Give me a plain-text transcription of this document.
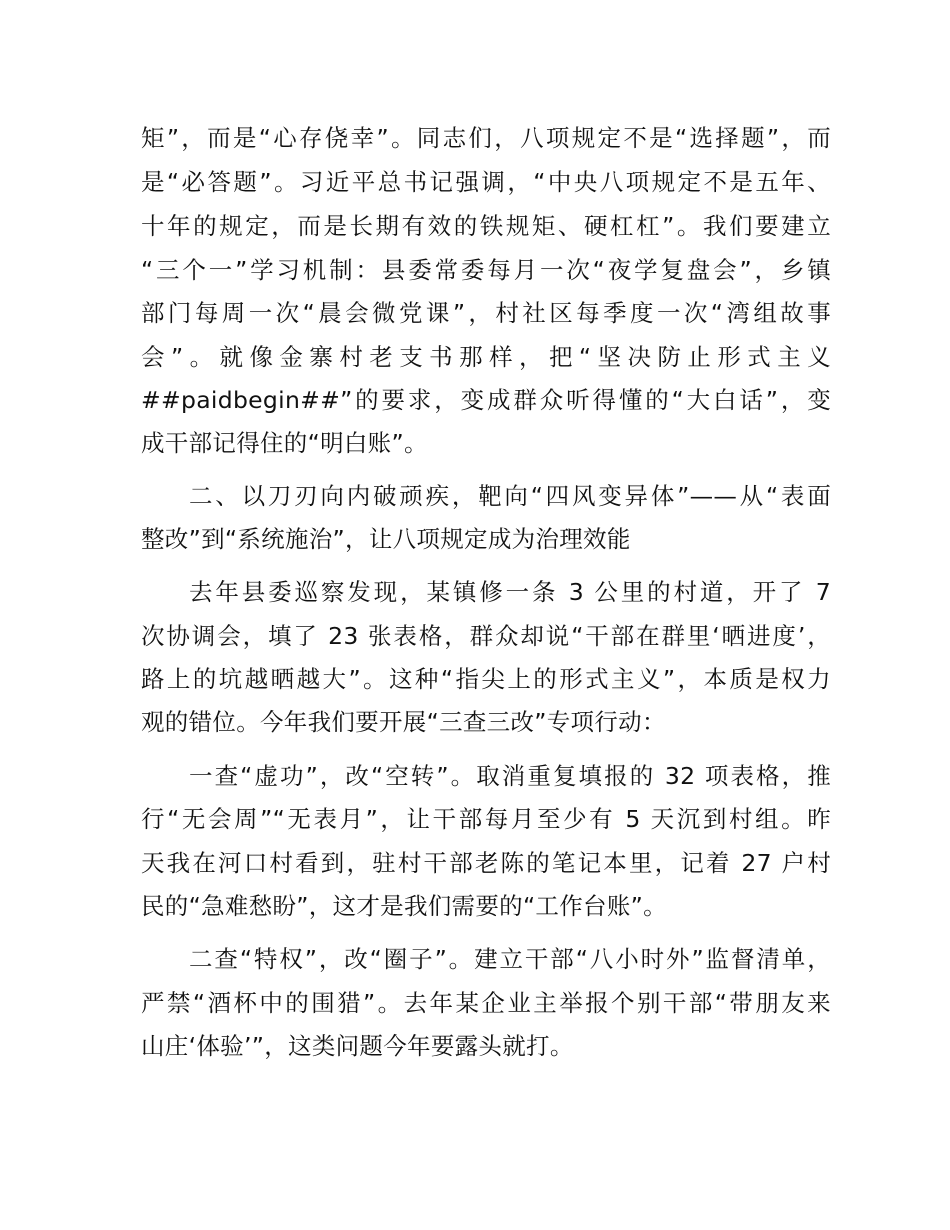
矩”，而是“心存侥幸”。同志们，八项规定不是“选择题”，而
是“必答题”。习近平总书记强调，“中央八项规定不是五年、
十年的规定，而是长期有效的铁规矩、硬杠杠”。我们要建立
“三个一”学习机制：县委常委每月一次“夜学复盘会”，乡镇
部门每周一次“晨会微党课”，村社区每季度一次“湾组故事
会”。就像金寨村老支书那样，把“坚决防止形式主义
##paidbegin##”的要求，变成群众听得懂的“大白话”，变
成干部记得住的“明白账”。
二、以刀刃向内破顽疾，靶向“四风变异体”——从“表面
整改”到“系统施治”，让八项规定成为治理效能
去年县委巡察发现，某镇修一条 3 公里的村道，开了 7
次协调会，填了 23 张表格，群众却说“干部在群里‘晒进度’，
路上的坑越晒越大”。这种“指尖上的形式主义”，本质是权力
观的错位。今年我们要开展“三查三改”专项行动：
一查“虚功”，改“空转”。取消重复填报的 32 项表格，推
行“无会周”“无表月”，让干部每月至少有 5 天沉到村组。昨
天我在河口村看到，驻村干部老陈的笔记本里，记着 27 户村
民的“急难愁盼”，这才是我们需要的“工作台账”。
二查“特权”，改“圈子”。建立干部“八小时外”监督清单，
严禁“酒杯中的围猎”。去年某企业主举报个别干部“带朋友来
山庄‘体验’”，这类问题今年要露头就打。
